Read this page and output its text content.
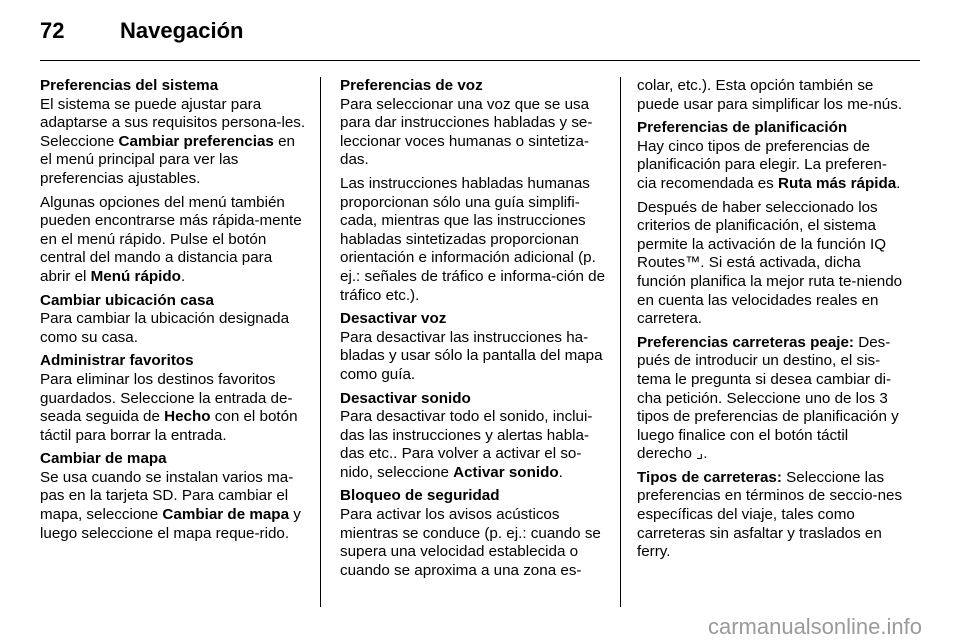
72	Navegación
Preferencias del sistema
El sistema se puede ajustar para adaptarse a sus requisitos persona-les. Seleccione Cambiar preferencias en el menú principal para ver las preferencias ajustables.
Algunas opciones del menú también pueden encontrarse más rápida-mente en el menú rápido. Pulse el botón central del mando a distancia para abrir el Menú rápido.
Cambiar ubicación casa
Para cambiar la ubicación designada como su casa.
Administrar favoritos
Para eliminar los destinos favoritos guardados. Seleccione la entrada de-seada seguida de Hecho con el botón táctil para borrar la entrada.
Cambiar de mapa
Se usa cuando se instalan varios ma-pas en la tarjeta SD. Para cambiar el mapa, seleccione Cambiar de mapa y luego seleccione el mapa reque-rido.
Preferencias de voz
Para seleccionar una voz que se usa para dar instrucciones habladas y se-leccionar voces humanas o sintetiza-das.
Las instrucciones habladas humanas proporcionan sólo una guía simplifi-cada, mientras que las instrucciones habladas sintetizadas proporcionan orientación e información adicional (p. ej.: señales de tráfico e informa-ción de tráfico etc.).
Desactivar voz
Para desactivar las instrucciones ha-bladas y usar sólo la pantalla del mapa como guía.
Desactivar sonido
Para desactivar todo el sonido, inclui-das las instrucciones y alertas habla-das etc.. Para volver a activar el so-nido, seleccione Activar sonido.
Bloqueo de seguridad
Para activar los avisos acústicos mientras se conduce (p. ej.: cuando se supera una velocidad establecida o cuando se aproxima a una zona es-
colar, etc.). Esta opción también se puede usar para simplificar los me-nús.
Preferencias de planificación
Hay cinco tipos de preferencias de planificación para elegir. La preferen-cia recomendada es Ruta más rápida.
Después de haber seleccionado los criterios de planificación, el sistema permite la activación de la función IQ Routes™. Si está activada, dicha función planifica la mejor ruta te-niendo en cuenta las velocidades reales en carretera.
Preferencias carreteras peaje: Des-pués de introducir un destino, el sis-tema le pregunta si desea cambiar di-cha petición. Seleccione uno de los 3 tipos de preferencias de planificación y luego finalice con el botón táctil derecho ⌟.
Tipos de carreteras: Seleccione las preferencias en términos de seccio-nes específicas del viaje, tales como carreteras sin asfaltar y traslados en ferry.
carmanualsonline.info
